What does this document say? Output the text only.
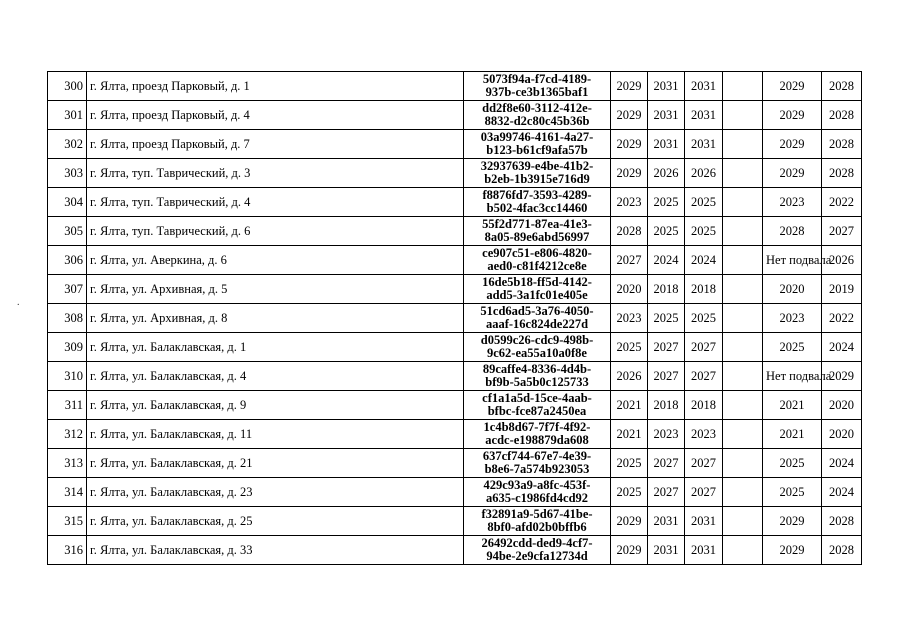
.
300	г. Ялта, проезд Парковый, д. 1	5073f94a-f7cd-4189-
937b-ce3b1365baf1	2029	2031	2031		2029	2028
301	г. Ялта, проезд Парковый, д. 4	dd2f8e60-3112-412e-
8832-d2c80c45b36b	2029	2031	2031		2029	2028
302	г. Ялта, проезд Парковый, д. 7	03a99746-4161-4a27-
b123-b61cf9afa57b	2029	2031	2031		2029	2028
303	г. Ялта, туп. Таврический, д. 3	32937639-e4be-41b2-
b2eb-1b3915e716d9	2029	2026	2026		2029	2028
304	г. Ялта, туп. Таврический, д. 4	f8876fd7-3593-4289-
b502-4fac3cc14460	2023	2025	2025		2023	2022
305	г. Ялта, туп. Таврический, д. 6	55f2d771-87ea-41e3-
8a05-89e6abd56997	2028	2025	2025		2028	2027
306	г. Ялта, ул. Аверкина, д. 6	ce907c51-e806-4820-
aed0-c81f4212ce8e	2027	2024	2024		Нет подвала	2026
307	г. Ялта, ул. Архивная, д. 5	16de5b18-ff5d-4142-
add5-3a1fc01e405e	2020	2018	2018		2020	2019
308	г. Ялта, ул. Архивная, д. 8	51cd6ad5-3a76-4050-
aaaf-16c824de227d	2023	2025	2025		2023	2022
309	г. Ялта, ул. Балаклавская, д. 1	d0599c26-cdc9-498b-
9c62-ea55a10a0f8e	2025	2027	2027		2025	2024
310	г. Ялта, ул. Балаклавская, д. 4	89caffe4-8336-4d4b-
bf9b-5a5b0c125733	2026	2027	2027		Нет подвала	2029
311	г. Ялта, ул. Балаклавская, д. 9	cf1a1a5d-15ce-4aab-
bfbc-fce87a2450ea	2021	2018	2018		2021	2020
312	г. Ялта, ул. Балаклавская, д. 11	1c4b8d67-7f7f-4f92-
acdc-e198879da608	2021	2023	2023		2021	2020
313	г. Ялта, ул. Балаклавская, д. 21	637cf744-67e7-4e39-
b8e6-7a574b923053	2025	2027	2027		2025	2024
314	г. Ялта, ул. Балаклавская, д. 23	429c93a9-a8fc-453f-
a635-c1986fd4cd92	2025	2027	2027		2025	2024
315	г. Ялта, ул. Балаклавская, д. 25	f32891a9-5d67-41be-
8bf0-afd02b0bffb6	2029	2031	2031		2029	2028
316	г. Ялта, ул. Балаклавская, д. 33	26492cdd-ded9-4cf7-
94be-2e9cfa12734d	2029	2031	2031		2029	2028
